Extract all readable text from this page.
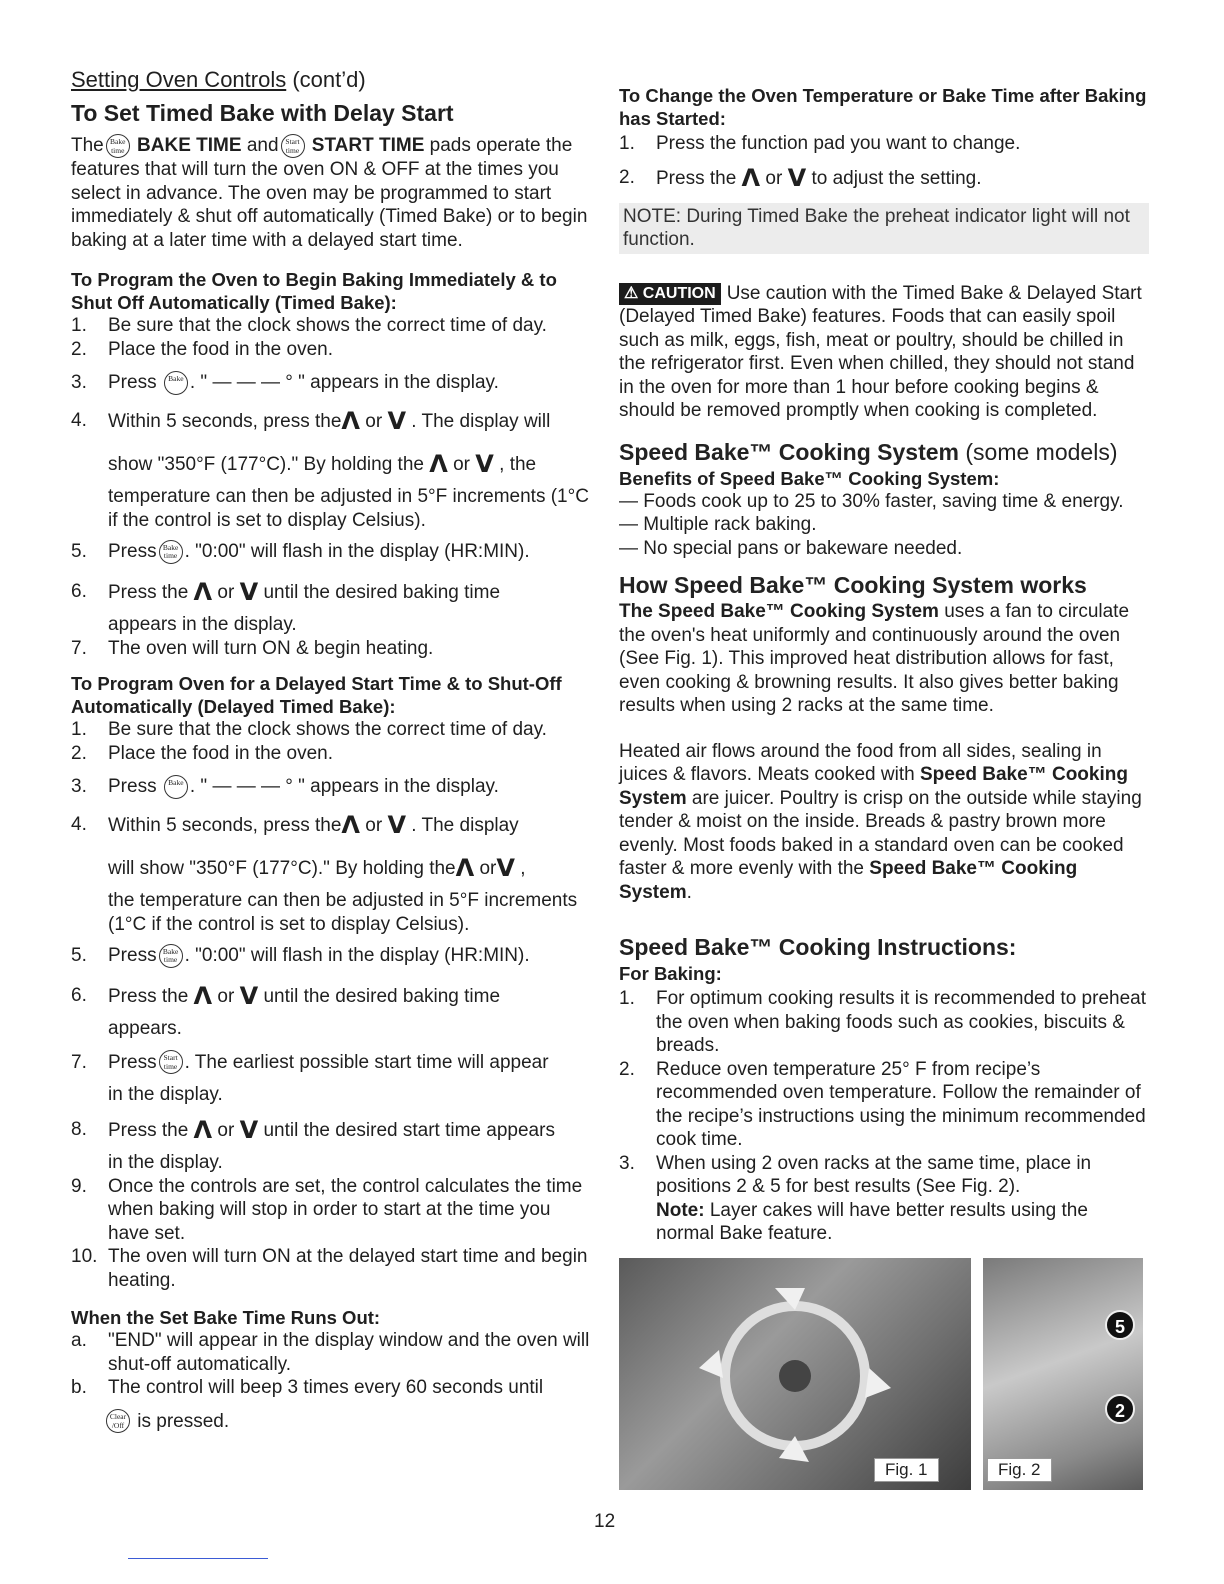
Setting Oven Controls (cont’d)
To Set Timed Bake with Delay Start

The Bake
time BAKE TIME and Start
time START TIME pads operate the features that will turn the oven ON & OFF at the times you select in advance. The oven may be programmed to start immediately & shut off automatically (Timed Bake) or to begin baking at a later time with a delayed start time.

To Program the Oven to Begin Baking Immediately & to Shut Off Automatically (Timed Bake):
1. Be sure that the clock shows the correct time of day.
2. Place the food in the oven.
3. Press Bake . " — — — ° " appears in the display.
4. Within 5 seconds, press theΛ or V . The display will
show "350°F (177°C)." By holding the Λ or V , the
temperature can then be adjusted in 5°F increments (1°C if the control is set to display Celsius).
5. Press Bake
time . "0:00" will flash in the display (HR:MIN).
6. Press the Λ or V until the desired baking time
appears in the display.
7. The oven will turn ON & begin heating.
To Program Oven for a Delayed Start Time & to Shut-Off Automatically (Delayed Timed Bake):
1. Be sure that the clock shows the correct time of day.
2. Place the food in the oven.
3. Press Bake . " — — — ° " appears in the display.
4. Within 5 seconds, press theΛ or V . The display
will show "350°F (177°C)." By holding theΛ orV ,
the temperature can then be adjusted in 5°F increments (1°C if the control is set to display Celsius).
5. Press Bake
time . "0:00" will flash in the display (HR:MIN).
6. Press the Λ or V until the desired baking time
appears.
7. Press Start
time . The earliest possible start time will appear
in the display.
8. Press the Λ or V until the desired start time appears
in the display.
9. Once the controls are set, the control calculates the time when baking will stop in order to start at the time you have set.
10. The oven will turn ON at the delayed start time and begin heating.
When the Set Bake Time Runs Out:
a. "END" will appear in the display window and the oven will shut-off automatically.
b. The control will beep 3 times every 60 seconds until
Clear
/Off is pressed.
To Change the Oven Temperature or Bake Time after Baking has Started:
1. Press the function pad you want to change.
2. Press the Λ or V to adjust the setting.
NOTE: During Timed Bake the preheat indicator light will not function.

⚠ CAUTION Use caution with the Timed Bake & Delayed Start (Delayed Timed Bake) features. Foods that can easily spoil such as milk, eggs, fish, meat or poultry, should be chilled in the refrigerator first. Even when chilled, they should not stand in the oven for more than 1 hour before cooking begins & should be removed promptly when cooking is completed.

Speed Bake™ Cooking System (some models)
Benefits of Speed Bake™ Cooking System:
— Foods cook up to 25 to 30% faster, saving time & energy.
— Multiple rack baking.
— No special pans or bakeware needed.
How Speed Bake™ Cooking System works

The Speed Bake™ Cooking System uses a fan to circulate the oven's heat uniformly and continuously around the oven (See Fig. 1). This improved heat distribution allows for fast, even cooking & browning results. It also gives better baking results when using 2 racks at the same time.

Heated air flows around the food from all sides, sealing in juices & flavors. Meats cooked with Speed Bake™ Cooking System are juicer. Poultry is crisp on the outside while staying tender & moist on the inside. Breads & pastry brown more evenly. Most foods baked in a standard oven can be cooked faster & more evenly with the Speed Bake™ Cooking System.

Speed Bake™ Cooking Instructions:
For Baking:
1. For optimum cooking results it is recommended to preheat the oven when baking foods such as cookies, biscuits & breads.
2. Reduce oven temperature 25° F from recipe’s recommended oven temperature. Follow the remainder of the recipe’s instructions using the minimum recommended cook time.
3. When using 2 oven racks at the same time, place in positions 2 & 5 for best results (See Fig. 2).
Note: Layer cakes will have better results using the normal Bake feature.
Fig. 1
5
2
Fig. 2
12
